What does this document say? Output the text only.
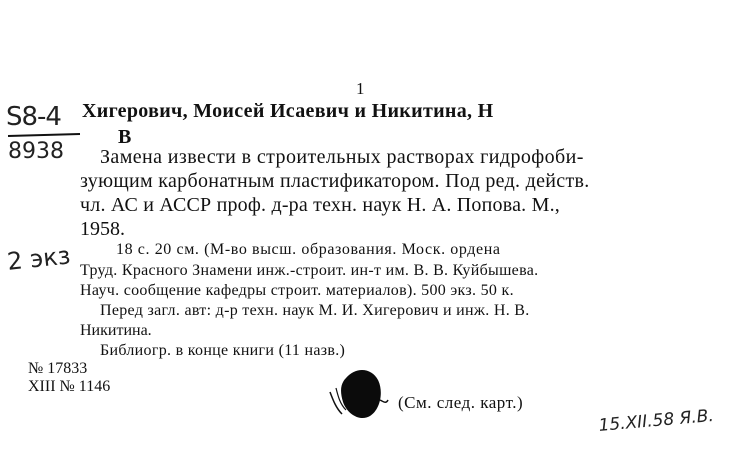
1
S8-4
8938
Хигерович, Моисей Исаевич и Никитина, Н
В
Замена извести в строительных растворах гидрофоби-
зующим карбонатным пластификатором. Под ред. действ.
чл. АС и АССР проф. д-ра техн. наук Н. А. Попова. М.,
1958.
2 экз	18 с. 20 см. (М-во высш. образования. Моск. ордена
Труд. Красного Знамени инж.-строит. ин-т им. В. В. Куйбышева.
Науч. сообщение кафедры строит. материалов). 500 экз. 50 к.
Перед загл. авт: д-р техн. наук М. И. Хигерович и инж. Н. В.
Никитина.
Библиогр. в конце книги (11 назв.)
№ 17833
XIII № 1146
(См. след. карт.)
15.XII.58 Я.В.
